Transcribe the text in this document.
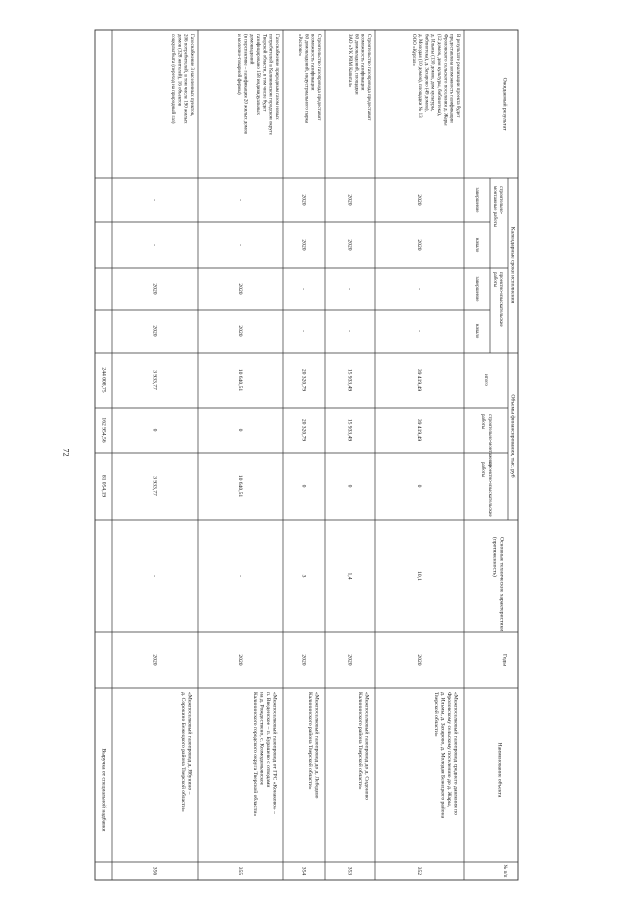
72
Наименование объекта
Годы
Основные технические характеристики
(протяженность)
Объемы финансирования, тыс. руб
проектно-изыскательские
работы
строительно-монтажные
работы
итого
Календарные сроки исполнения
проектно-изыскательские
работы
строительно-
монтажные работы
начало
завершение
начало
завершение
Ожидаемый результат
№ п/п
352
«Межпоселковый газопровод среднего давления по
Фроловскому сельскому поселению до д. Жары,
д. Ильмы, д. Захарово, д. Молодая Бежецкого района
Тверской области»
2020
10,1
0
39 419,49
39 419,49
-
-
2020
2020
В результате реализации проекта будет
предоставлена возможность газификации
Фроловского сельского поселения д. Жары
(12 домов, дом культуры, библиотека),
д. Ильмы (130 домов, дом культуры,
библиотека), д. Захарово (49 домов),
д. Молодая (10 домов), площадки № 13
ООО «Кургал»
353
«Межпоселковый газопровод до д. Сидоново
Калининского района Тверской области»
2020
1,4
0
15 933,49
15 933,49
-
-
2020
2020
Строительство газопровода предоставит
возможность газификации
60 домовладений, площадки
ЗАО «УК РВМ Капитал»
354
«Межпоселковый газопровод до д. Лебедево
Калининского района Тверской области»
2020
3
0
20 320,79
20 320,79
-
-
2020
2020
Строительство газопровода предоставит
возможность газификации
60 домовладений, индустриального парка
«Раслово»
355
«Межпоселковый газопровод от ГРС «Конаково» –
п. Введенское – п. Бурашево с отводами
на д. Рождествено, с. Козмодемьянское
Калининского городского округа Тверской области»
2020
-
10 640,51
0
10 640,51
2020
2020
-
-
Газоснабжение природным газом новых
потребителей в Калининском городском округе
Тверской области, в том числе будет
газифицировано 158 индивидуальных
домовладений
(в перспективе – газификация 20 жилых домов
и молочно-товарной фермы)
356
«Межпоселковый газопровод д. Ябунино –
д. Сорокино Бежецкого района Тверской области»
2020
-
3 933,77
0
3 933,77
2020
2020
-
-
Газоснабжение 3 населенных пунктов,
206 потребителей, в том числе 190 жилых
домов (328 жителей), 16 объектов
соцкультбыта (переход на природный газ)
Выручка от специальной надбавки
81 054,19
162 954,56
244 008,75
